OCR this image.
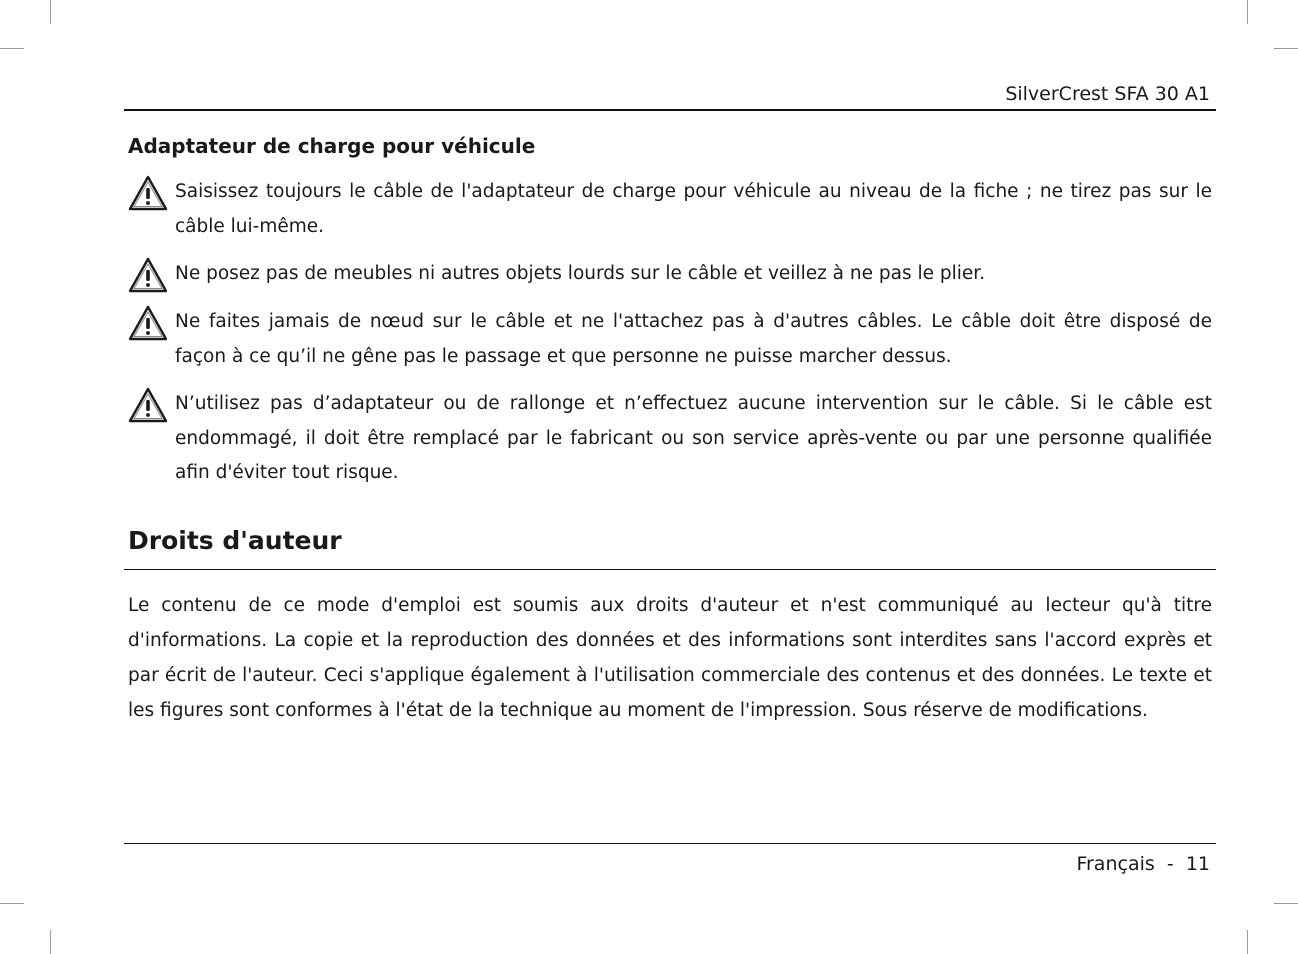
SilverCrest SFA 30 A1
Adaptateur de charge pour véhicule
Saisissez toujours le câble de l'adaptateur de charge pour véhicule au niveau de la fiche ; ne tirez pas sur le câble lui-même.
Ne posez pas de meubles ni autres objets lourds sur le câble et veillez à ne pas le plier.
Ne faites jamais de nœud sur le câble et ne l'attachez pas à d'autres câbles. Le câble doit être disposé de façon à ce qu’il ne gêne pas le passage et que personne ne puisse marcher dessus.
N’utilisez pas d’adaptateur ou de rallonge et n’effectuez aucune intervention sur le câble. Si le câble est endommagé, il doit être remplacé par le fabricant ou son service après-vente ou par une personne qualifiée afin d'éviter tout risque.
Droits d'auteur
Le contenu de ce mode d'emploi est soumis aux droits d'auteur et n'est communiqué au lecteur qu'à titre d'informations. La copie et la reproduction des données et des informations sont interdites sans l'accord exprès et par écrit de l'auteur. Ceci s'applique également à l'utilisation commerciale des contenus et des données. Le texte et les figures sont conformes à l'état de la technique au moment de l'impression. Sous réserve de modifications.
Français - 11
